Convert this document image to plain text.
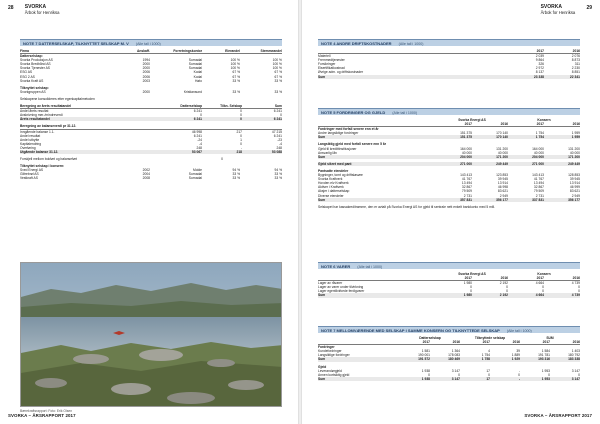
28 SVORKA
Årbok for Henriksa
NOTE 7 DATTERSELSKAP, TILKNYTTET SELSKAP M. V (Alle tall i 1000)
Firma	Anskaff.	Forretningskontor	Eierandel	Stemmeandel
Datterselskap:
Svorka Produksjon AS	1994	Surnadal	100 %	100 %
Svorka Bredbånd AS	2000	Surnadal	100 %	100 %
Svorka Tjenester AS	2000	Surnadal	100 %	100 %
ESG AS	2006	Kodal	67 %	67 %
ESG 2 AS	2006	Kodal	67 %	67 %
Svorka Kraft AS	2003	Hølo	33 %	33 %
Tilknyttet selskap:
Svorkgruppen AS	2000	Kristiansund	33 %	33 %
Selskapene konsolideres etter egenkapitalmetoden
Beregning av årets resultatandel	Datterselskap	Tilkn. Selskap	Sum
Andel årets resultat	6 241	0	6 241
Avskrivning mer-/mindreverdi	0	0	0
Årets resultatandel	6 241	0	6 241
Beregning av balanseverdi pr 31.12.
Inngående balanse 1.1.	46 998	217	47 215
Andel resultat	6 241	0	6 241
Andel utbytte	-24	1	-23
Kapitalendring	-4	0	-4
Overføring	248	-	248
Utgående balanse 31.12.	53 067	218	53 088
Forskjell mellom bokført og balanseført	0
Tilknyttet selskap i konsern:
Sved Energi AS	2002	Molde	94 %	94 %
Glitrebrøl AS	2004	Surnadal	33 %	33 %
Vestkraft AS	2008	Surnadal	33 %	33 %
Bærekraftsrapport: Foto: Erik Olsen
SVORKA – ÅRSRAPPORT 2017
SVORKA
Årbok for Henriksa
29
NOTE 4 ANDRE DRIFTSKOSTNADER (Alle tall i 1000)
2017	2016
Materiell	2 039	2 076
Fremmedtjenester	9 864	8 873
Forsikringer	326	311
Elsertifikatkostnad	2 972	2 230
Øvrige adm. og driftskostnader	8 137	8 851
Sum	23 338	22 341
NOTE 5 FORDRINGER OG GJELD (Alle tall i 1000)
Svorka Energi AS	Konsern
2017	2016	2017	2016
Fordringer med forfall senere enn et år
Andre langsiktige fordringer	151 375	170 140	1 754	1 959
Sum	151 375	170 140	1 754	1 959
Langsiktig gjeld med forfall senere enn 5 år
Gjeld til kredittinstitusjoner	164 000	131 200	164 000	131 200
Ansvarlig lån	40 000	40 000	40 000	40 000
Sum	204 000	171 200	204 000	171 200
Gjeld sikret med pant	271 000	249 449	271 000	249 449
Pantsatte eiendeler
Bygninger, tomt og driftsløsøre	143 413	123 853	143 413	128 853
Svorka Kraftverk	41 767	39 945	41 767	39 945
Hovden elv Kraftverk	13 494	13 914	13 494	13 914
Aktiver i Kraftverk	32 867	46 998	32 867	46 999
Aksjer i datterselskap	79 509	83 621	79 509	83 621
Diverse eiendeler	2 731	2 949	2 731	2 949
Sum	357 831	356 177	337 831	356 177
Selskapet har kassakreditramme, den er avtalt på Svorka Energi AS for gjeld til sentrale nett enkelt bankkonto med 5 mill.
NOTE 6 VARER (Alle tall i 1000)
Svorka Energi AS	Konsern
2017	2016	2017	2016
Lager av råvarer	1 980	2 192	4 664	4 739
Lager av varer under tilvirkning	0	0	0	0
Lager egentilvirkede ferdigvarer	0	0	0	0
Sum	1 980	2 192	4 664	4 739
NOTE 7 MELLOMVÆRENDE MED SELSKAP I SAMME KONSERN OG TILKNYTTEDE SELSKAP (Alle tall i 1000)
Datterselskap	Tilknyttede selskap	SUM
2017	2016	2017	2016	2017	2016
Fordringer
Kundefordringer	1 581	1 364	4	39	1 584	1 403
Langsiktige fordringer	190 001	178 083	1 754	1 889	191 781	180 792
Sum	191 572	180 469	1 758	1 929	193 316	183 338
Gjeld
Leverandørgjeld	1 938	3 147	17	-	1 953	3 147
Annen kortsiktig gjeld	0	0	0	0	0	0
Sum	1 938	3 147	17	-	1 953	3 147
SVORKA – ÅRSRAPPORT 2017
